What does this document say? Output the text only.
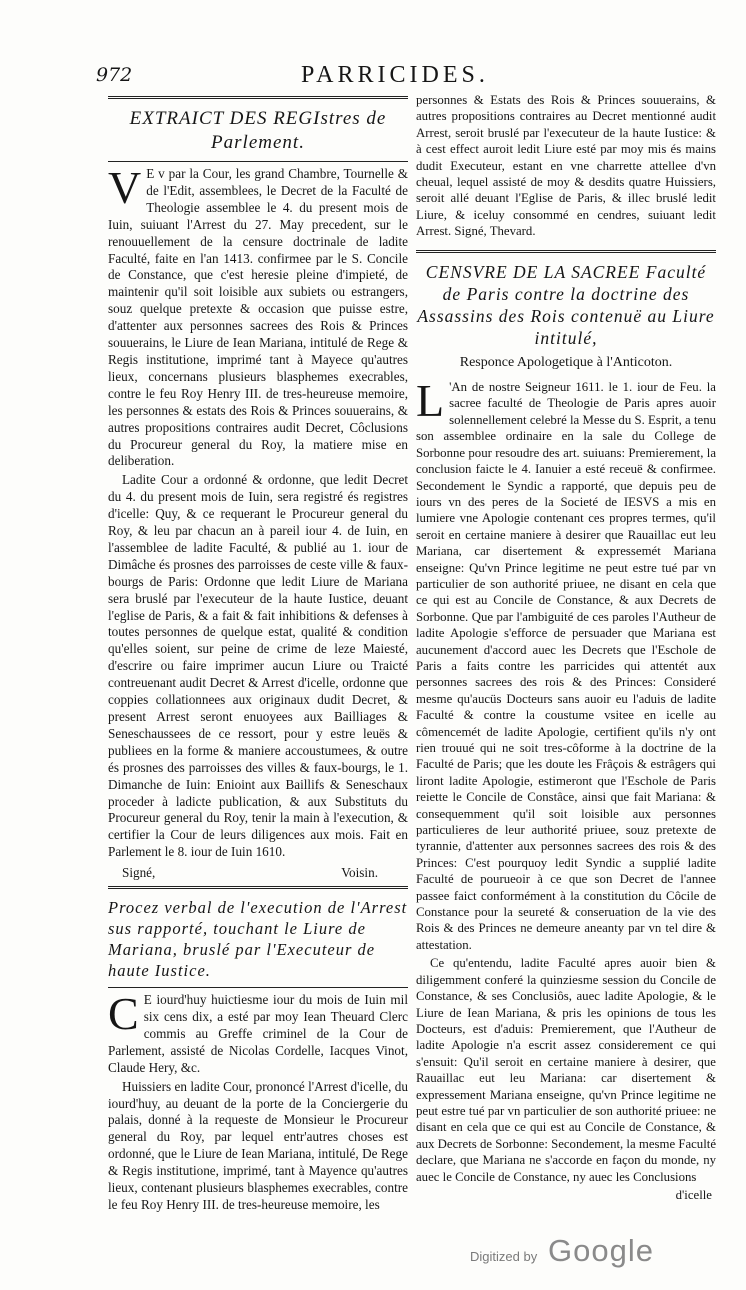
972	PARRICIDES.
EXTRAICT DES REGIstres de Parlement.

V E v par la Cour, les grand Chambre, Tournelle & de l'Edit, assemblees, le Decret de la Faculté de Theologie assemblee le 4. du present mois de Iuin, suiuant l'Arrest du 27. May precedent, sur le renouuellement de la censure doctrinale de ladite Faculté, faite en l'an 1413. confirmee par le S. Concile de Constance, que c'est heresie pleine d'impieté, de maintenir qu'il soit loisible aux subiets ou estrangers, souz quelque pretexte & occasion que puisse estre, d'attenter aux personnes sacrees des Rois & Princes souuerains, le Liure de Iean Mariana, intitulé de Rege & Regis institutione, imprimé tant à Mayece qu'autres lieux, concernans plusieurs blasphemes execrables, contre le feu Roy Henry III. de tres-heureuse memoire, les personnes & estats des Rois & Princes souuerains, & autres propositions contraires audit Decret, Côclusions du Procureur general du Roy, la matiere mise en deliberation.

Ladite Cour a ordonné & ordonne, que ledit Decret du 4. du present mois de Iuin, sera registré és registres d'icelle: Quy, & ce requerant le Procureur general du Roy, & leu par chacun an à pareil iour 4. de Iuin, en l'assemblee de ladite Faculté, & publié au 1. iour de Dimâche és prosnes des parroisses de ceste ville & faux-bourgs de Paris: Ordonne que ledit Liure de Mariana sera bruslé par l'executeur de la haute Iustice, deuant l'eglise de Paris, & a fait & fait inhibitions & defenses à toutes personnes de quelque estat, qualité & condition qu'elles soient, sur peine de crime de leze Maiesté, d'escrire ou faire imprimer aucun Liure ou Traicté contreuenant audit Decret & Arrest d'icelle, ordonne que coppies collationnees aux originaux dudit Decret, & present Arrest seront enuoyees aux Bailliages & Seneschaussees de ce ressort, pour y estre leuës & publiees en la forme & maniere accoustumees, & outre és prosnes des parroisses des villes & faux-bourgs, le 1. Dimanche de Iuin: Enioint aux Baillifs & Seneschaux proceder à ladicte publication, & aux Substituts du Procureur general du Roy, tenir la main à l'execution, & certifier la Cour de leurs diligences aux mois. Fait en Parlement le 8. iour de Iuin 1610.

Signé,	Voisin.
Procez verbal de l'execution de l'Arrest sus rapporté, touchant le Liure de Mariana, bruslé par l'Executeur de haute Iustice.

C E iourd'huy huictiesme iour du mois de Iuin mil six cens dix, a esté par moy Iean Theuard Clerc commis au Greffe criminel de la Cour de Parlement, assisté de Nicolas Cordelle, Iacques Vinot, Claude Hery, &c.

Huissiers en ladite Cour, prononcé l'Arrest d'icelle, du iourd'huy, au deuant de la porte de la Conciergerie du palais, donné à la requeste de Monsieur le Procureur general du Roy, par lequel entr'autres choses est ordonné, que le Liure de Iean Mariana, intitulé, De Rege & Regis institutione, imprimé, tant à Mayence qu'autres lieux, contenant plusieurs blasphemes execrables, contre le feu Roy Henry III. de tres-heureuse memoire, les

personnes & Estats des Rois & Princes souuerains, & autres propositions contraires au Decret mentionné audit Arrest, seroit bruslé par l'executeur de la haute Iustice: & à cest effect auroit ledit Liure esté par moy mis és mains dudit Executeur, estant en vne charrette attellee d'vn cheual, lequel assisté de moy & desdits quatre Huissiers, seroit allé deuant l'Eglise de Paris, & illec bruslé ledit Liure, & iceluy consommé en cendres, suiuant ledit Arrest. Signé, Thevard.

CENSVRE DE LA SACREE Faculté de Paris contre la doctrine des Assassins des Rois contenuë au Liure intitulé,
Responce Apologetique à l'Anticoton.

L 'An de nostre Seigneur 1611. le 1. iour de Feu. la sacree faculté de Theologie de Paris apres auoir solennellement celebré la Messe du S. Esprit, a tenu son assemblee ordinaire en la sale du College de Sorbonne pour resoudre des art. suiuans: Premierement, la conclusion faicte le 4. Ianuier a esté receuë & confirmee. Secondement le Syndic a rapporté, que depuis peu de iours vn des peres de la Societé de IESVS a mis en lumiere vne Apologie contenant ces propres termes, qu'il seroit en certaine maniere à desirer que Rauaillac eut leu Mariana, car disertement & expressemét Mariana enseigne: Qu'vn Prince legitime ne peut estre tué par vn particulier de son authorité priuee, ne disant en cela que ce qui est au Concile de Constance, & aux Decrets de Sorbonne. Que par l'ambiguité de ces paroles l'Autheur de ladite Apologie s'efforce de persuader que Mariana est aucunement d'accord auec les Decrets que l'Eschole de Paris a faits contre les parricides qui attentét aux personnes sacrees des rois & des Princes: Consideré mesme qu'aucüs Docteurs sans auoir eu l'aduis de ladite Faculté & contre la coustume vsitee en icelle au cômencemét de ladite Apologie, certifient qu'ils n'y ont rien trouué qui ne soit tres-côforme à la doctrine de la Faculté de Paris; que les doute les Frâçois & estrâgers qui liront ladite Apologie, estimeront que l'Eschole de Paris reiette le Concile de Constâce, ainsi que fait Mariana: & consequemment qu'il soit loisible aux personnes particulieres de leur authorité priuee, souz pretexte de tyrannie, d'attenter aux personnes sacrees des rois & des Princes: C'est pourquoy ledit Syndic a supplié ladite Faculté de pourueoir à ce que son Decret de l'annee passee faict conformément à la constitution du Côcile de Constance pour la seureté & conseruation de la vie des Rois & des Princes ne demeure aneanty par vn tel dire & attestation.

Ce qu'entendu, ladite Faculté apres auoir bien & diligemment conferé la quinziesme session du Concile de Constance, & ses Conclusiôs, auec ladite Apologie, & le Liure de Iean Mariana, & pris les opinions de tous les Docteurs, est d'aduis: Premierement, que l'Autheur de ladite Apologie n'a escrit assez considerement ce qui s'ensuit: Qu'il seroit en certaine maniere à desirer, que Rauaillac eut leu Mariana: car disertement & expressement Mariana enseigne, qu'vn Prince legitime ne peut estre tué par vn particulier de son authorité priuee: ne disant en cela que ce qui est au Concile de Constance, & aux Decrets de Sorbonne: Secondement, la mesme Faculté declare, que Mariana ne s'accorde en façon du monde, ny auec le Concile de Constance, ny auec les Conclusions

d'icelle
Digitized by Google
